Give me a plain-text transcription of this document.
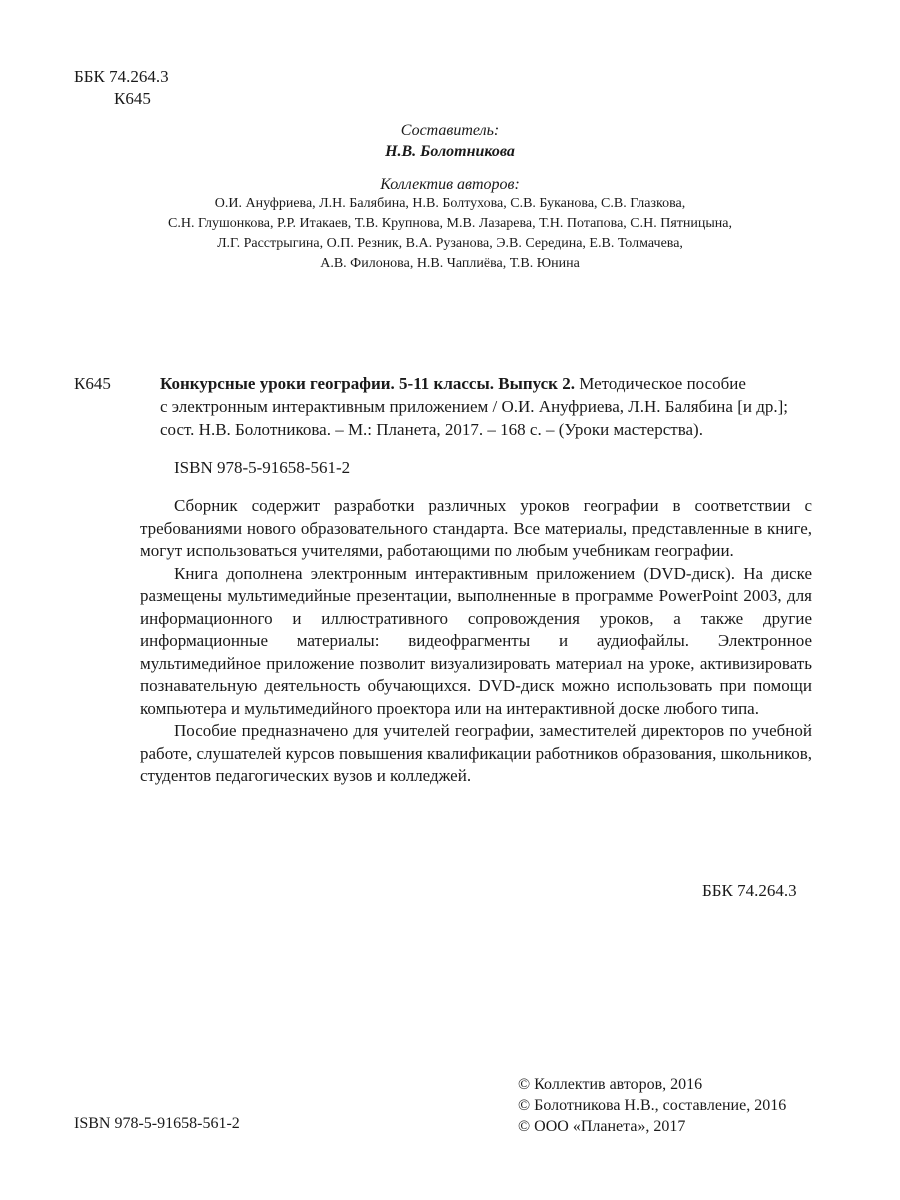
ББК 74.264.3
К645
Составитель:
Н.В. Болотникова
Коллектив авторов:
О.И. Ануфриева, Л.Н. Балябина, Н.В. Болтухова, С.В. Буканова, С.В. Глазкова,
С.Н. Глушонкова, Р.Р. Итакаев, Т.В. Крупнова, М.В. Лазарева, Т.Н. Потапова, С.Н. Пятницына,
Л.Г. Расстрыгина, О.П. Резник, В.А. Рузанова, Э.В. Середина, Е.В. Толмачева,
А.В. Филонова, Н.В. Чаплиёва, Т.В. Юнина
К645	Конкурсные уроки географии. 5-11 классы. Выпуск 2. Методическое пособие
с электронным интерактивным приложением / О.И. Ануфриева, Л.Н. Балябина [и др.];
сост. Н.В. Болотникова. – М.: Планета, 2017. – 168 с. – (Уроки мастерства).
ISBN 978-5-91658-561-2

Сборник содержит разработки различных уроков географии в соответствии с требованиями нового образовательного стандарта. Все материалы, представленные в книге, могут использоваться учителями, работающими по любым учебникам географии.

Книга дополнена электронным интерактивным приложением (DVD-диск). На диске размещены мультимедийные презентации, выполненные в программе PowerPoint 2003, для информационного и иллюстративного сопровождения уроков, а также другие информационные материалы: видеофрагменты и аудиофайлы. Электронное мультимедийное приложение позволит визуализировать материал на уроке, активизировать познавательную деятельность обучающихся. DVD-диск можно использовать при помощи компьютера и мультимедийного проектора или на интерактивной доске любого типа.

Пособие предназначено для учителей географии, заместителей директоров по учебной работе, слушателей курсов повышения квалификации работников образования, школьников, студентов педагогических вузов и колледжей.

ББК 74.264.3
© Коллектив авторов, 2016
© Болотникова Н.В., составление, 2016
© ООО «Планета», 2017
ISBN 978-5-91658-561-2
